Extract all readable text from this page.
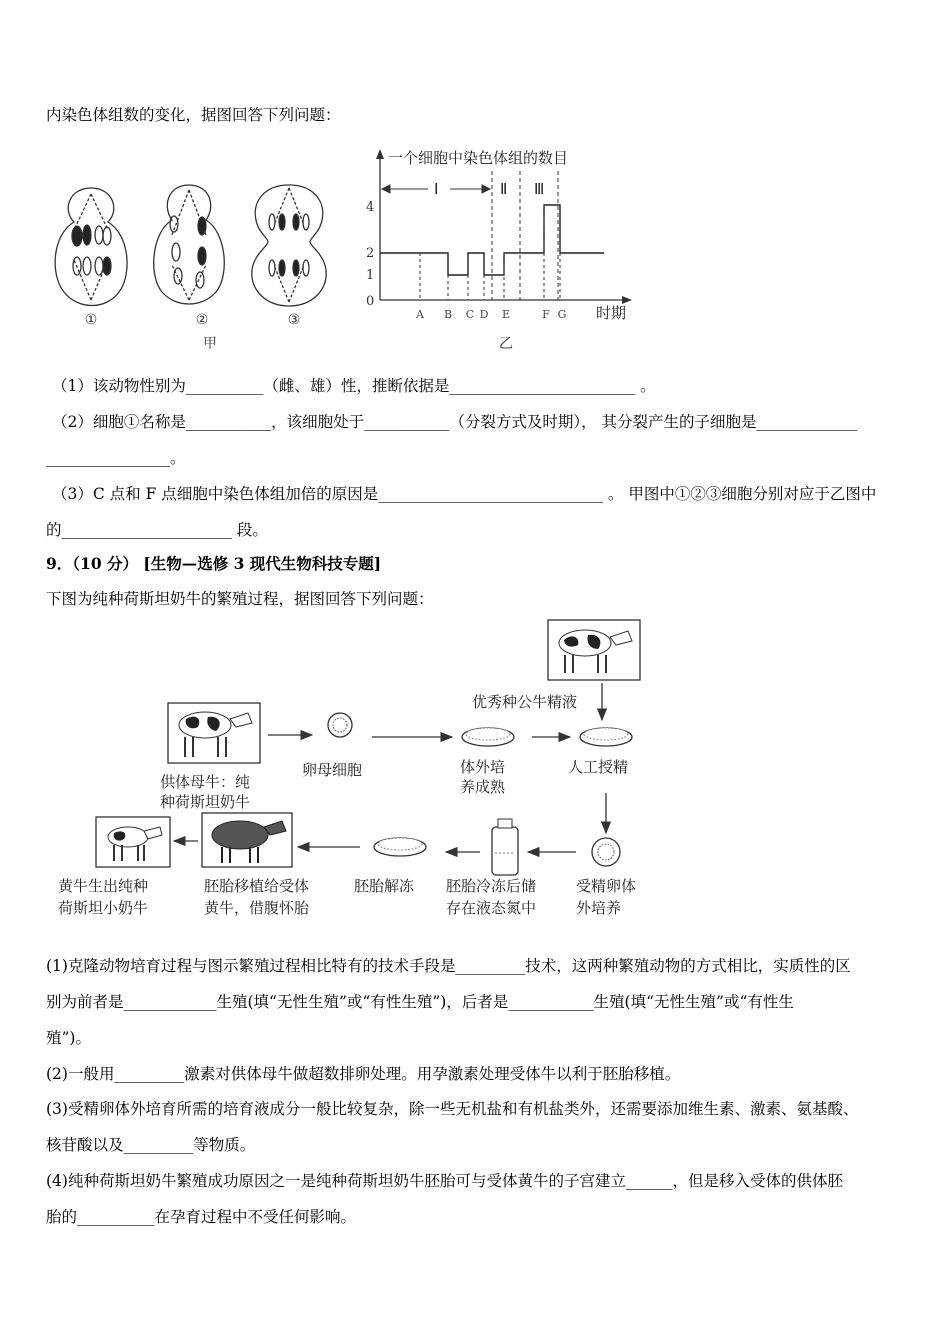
内染色体组数的变化，据图回答下列问题：
①	②	③
甲
一个细胞中染色体组的数目
时期
4
2
1
0
Ⅰ	Ⅱ Ⅲ
A B C D E	F G
乙
（1）该动物性别为__________（雌、雄）性，推断依据是________________________ 。
（2）细胞①名称是___________，该细胞处于___________（分裂方式及时期）， 其分裂产生的子细胞是_____________
________________。
（3）C 点和 F 点细胞中染色体组加倍的原因是_____________________________ 。 甲图中①②③细胞分别对应于乙图中
的______________________ 段。
9．（10 分） [生物—选修 3 现代生物科技专题]
下图为纯种荷斯坦奶牛的繁殖过程，据图回答下列问题：
优秀种公牛精液
供体母牛：纯
种荷斯坦奶牛
卵母细胞	体外培
养成熟
人工授精
受精卵体
外培养
胚胎冷冻后储
存在液态氮中
胚胎解冻
胚胎移植给受体
黄牛，借腹怀胎
黄牛生出纯种
荷斯坦小奶牛
(1)克隆动物培育过程与图示繁殖过程相比特有的技术手段是_________技术，这两种繁殖动物的方式相比，实质性的区
别为前者是____________生殖(填“无性生殖”或“有性生殖”)，后者是___________生殖(填“无性生殖”或“有性生
殖”)。
(2)一般用_________激素对供体母牛做超数排卵处理。用孕激素处理受体牛以利于胚胎移植。
(3)受精卵体外培育所需的培育液成分一般比较复杂，除一些无机盐和有机盐类外，还需要添加维生素、激素、氨基酸、
核苷酸以及_________等物质。
(4)纯种荷斯坦奶牛繁殖成功原因之一是纯种荷斯坦奶牛胚胎可与受体黄牛的子宫建立______，但是移入受体的供体胚
胎的__________在孕育过程中不受任何影响。
